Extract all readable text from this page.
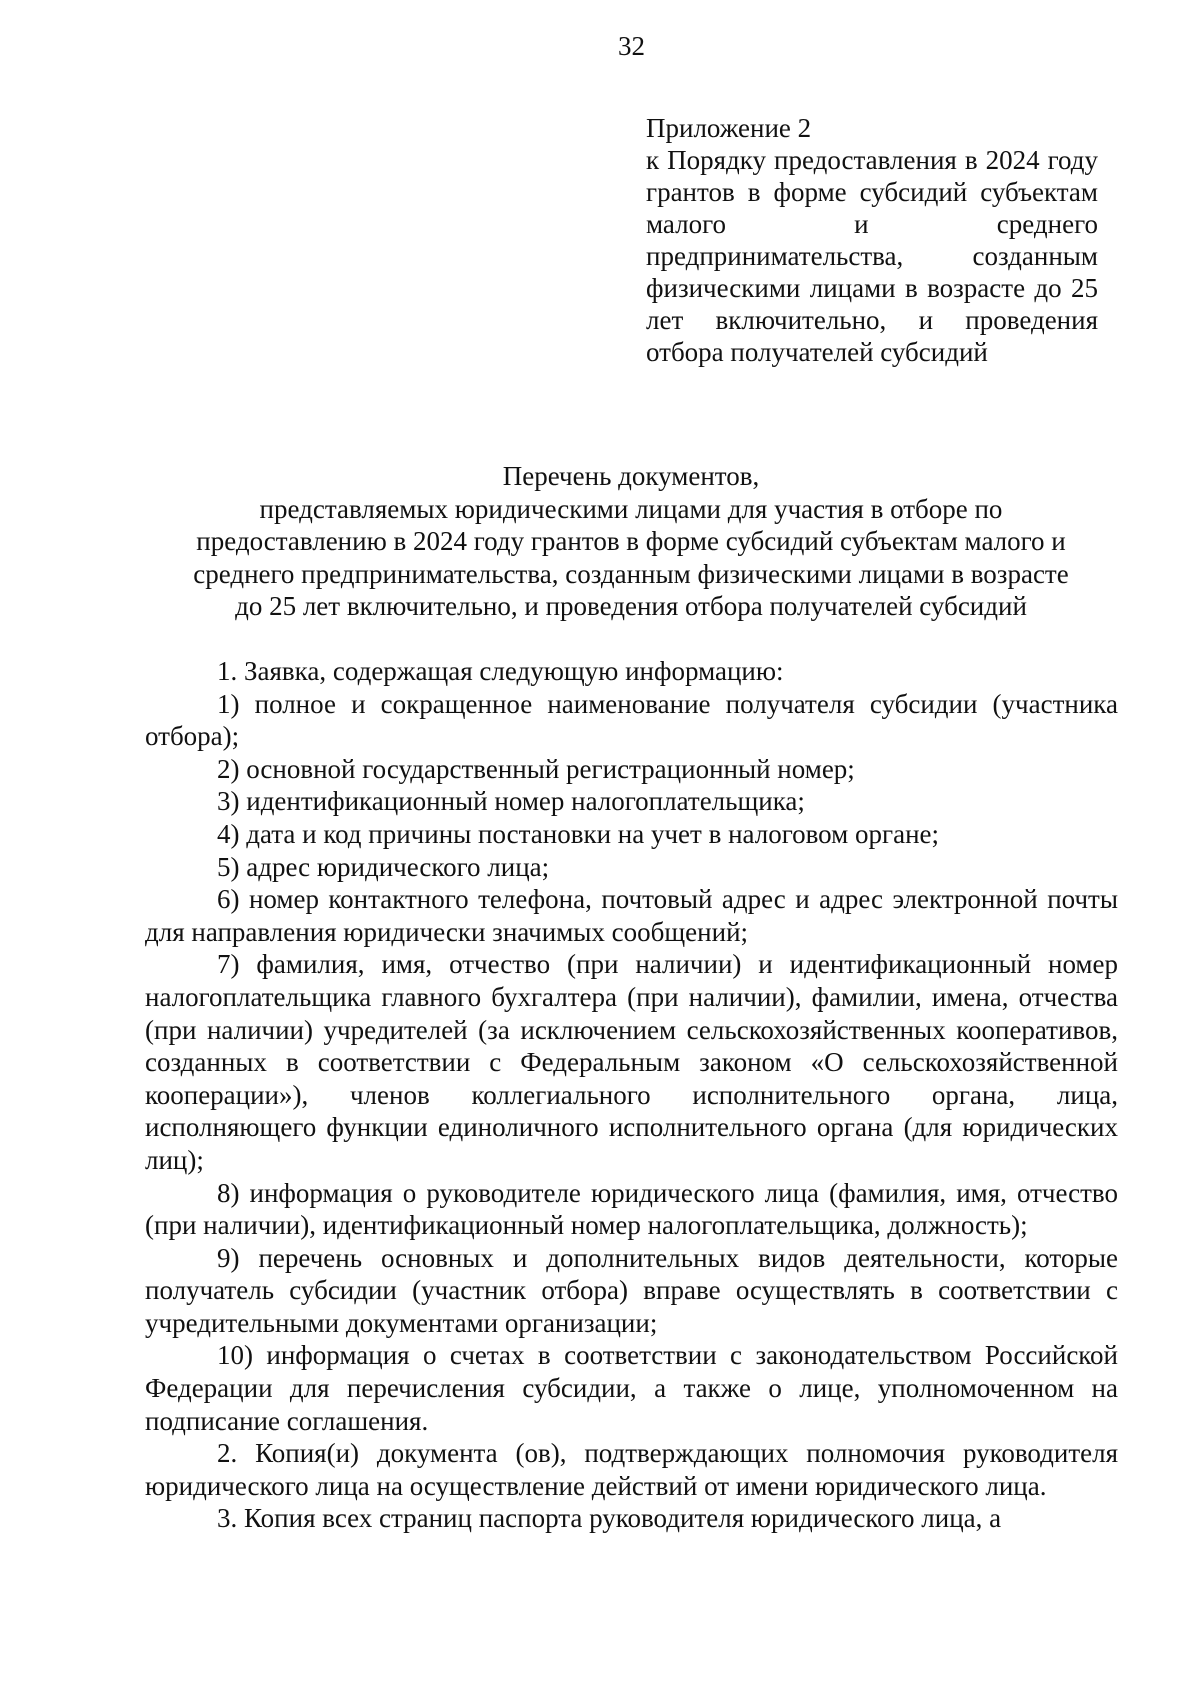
32
Приложение 2
к Порядку предоставления в 2024 году грантов в форме субсидий субъектам малого и среднего предпринимательства, созданным физическими лицами в возрасте до 25 лет включительно, и проведения отбора получателей субсидий
Перечень документов,
представляемых юридическими лицами для участия в отборе по
предоставлению в 2024 году грантов в форме субсидий субъектам малого и
среднего предпринимательства, созданным физическими лицами в возрасте
до 25 лет включительно, и проведения отбора получателей субсидий

1. Заявка, содержащая следующую информацию:

1) полное и сокращенное наименование получателя субсидии (участника отбора);

2) основной государственный регистрационный номер;

3) идентификационный номер налогоплательщика;

4) дата и код причины постановки на учет в налоговом органе;

5) адрес юридического лица;

6) номер контактного телефона, почтовый адрес и адрес электронной почты для направления юридически значимых сообщений;

7) фамилия, имя, отчество (при наличии) и идентификационный номер налогоплательщика главного бухгалтера (при наличии), фамилии, имена, отчества (при наличии) учредителей (за исключением сельскохозяйственных кооперативов, созданных в соответствии с Федеральным законом «О сельскохозяйственной кооперации»), членов коллегиального исполнительного органа, лица, исполняющего функции единоличного исполнительного органа (для юридических лиц);

8) информация о руководителе юридического лица (фамилия, имя, отчество (при наличии), идентификационный номер налогоплательщика, должность);

9) перечень основных и дополнительных видов деятельности, которые получатель субсидии (участник отбора) вправе осуществлять в соответствии с учредительными документами организации;

10) информация о счетах в соответствии с законодательством Российской Федерации для перечисления субсидии, а также о лице, уполномоченном на подписание соглашения.

2. Копия(и) документа (ов), подтверждающих полномочия руководителя юридического лица на осуществление действий от имени юридического лица.

3. Копия всех страниц паспорта руководителя юридического лица, а
